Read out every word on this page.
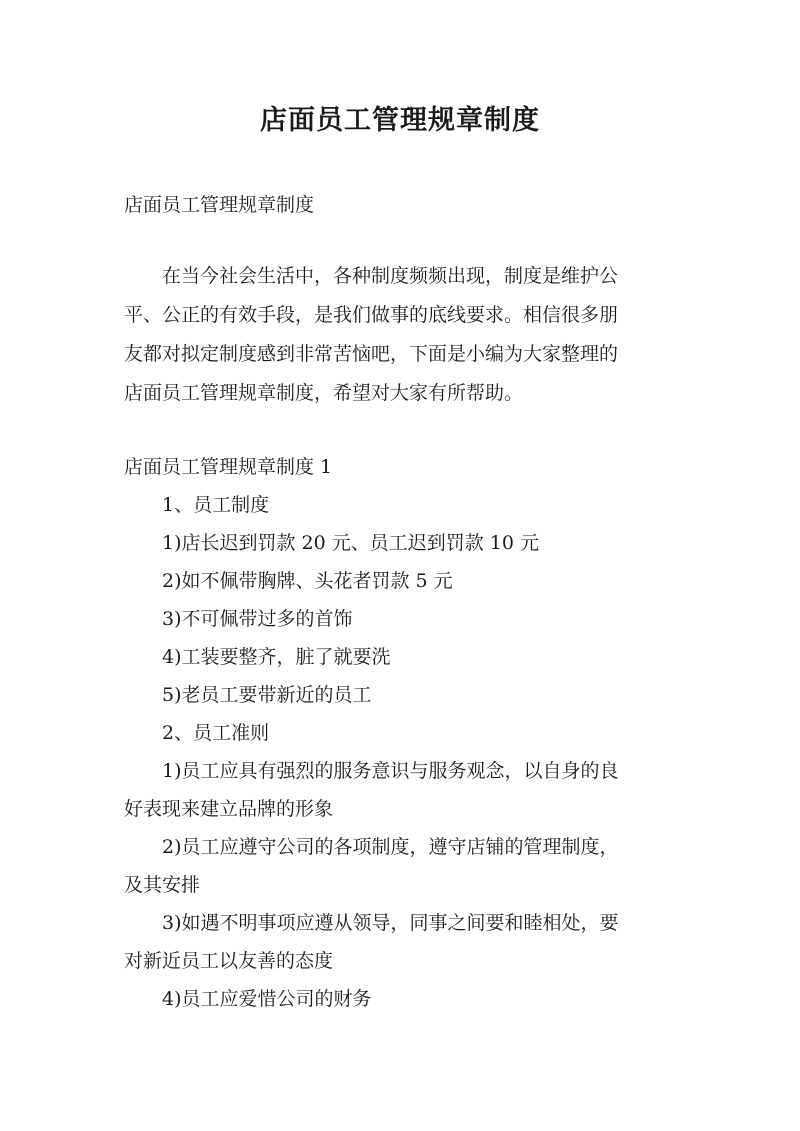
店面员工管理规章制度

店面员工管理规章制度

在当今社会生活中，各种制度频频出现，制度是维护公

平、公正的有效手段，是我们做事的底线要求。相信很多朋

友都对拟定制度感到非常苦恼吧，下面是小编为大家整理的

店面员工管理规章制度，希望对大家有所帮助。

店面员工管理规章制度 1

1、员工制度

1)店长迟到罚款 20 元、员工迟到罚款 10 元

2)如不佩带胸牌、头花者罚款 5 元

3)不可佩带过多的首饰

4)工装要整齐，脏了就要洗

5)老员工要带新近的员工

2、员工准则

1)员工应具有强烈的服务意识与服务观念，以自身的良

好表现来建立品牌的形象

2)员工应遵守公司的各项制度，遵守店铺的管理制度，

及其安排

3)如遇不明事项应遵从领导，同事之间要和睦相处，要

对新近员工以友善的态度

4)员工应爱惜公司的财务
